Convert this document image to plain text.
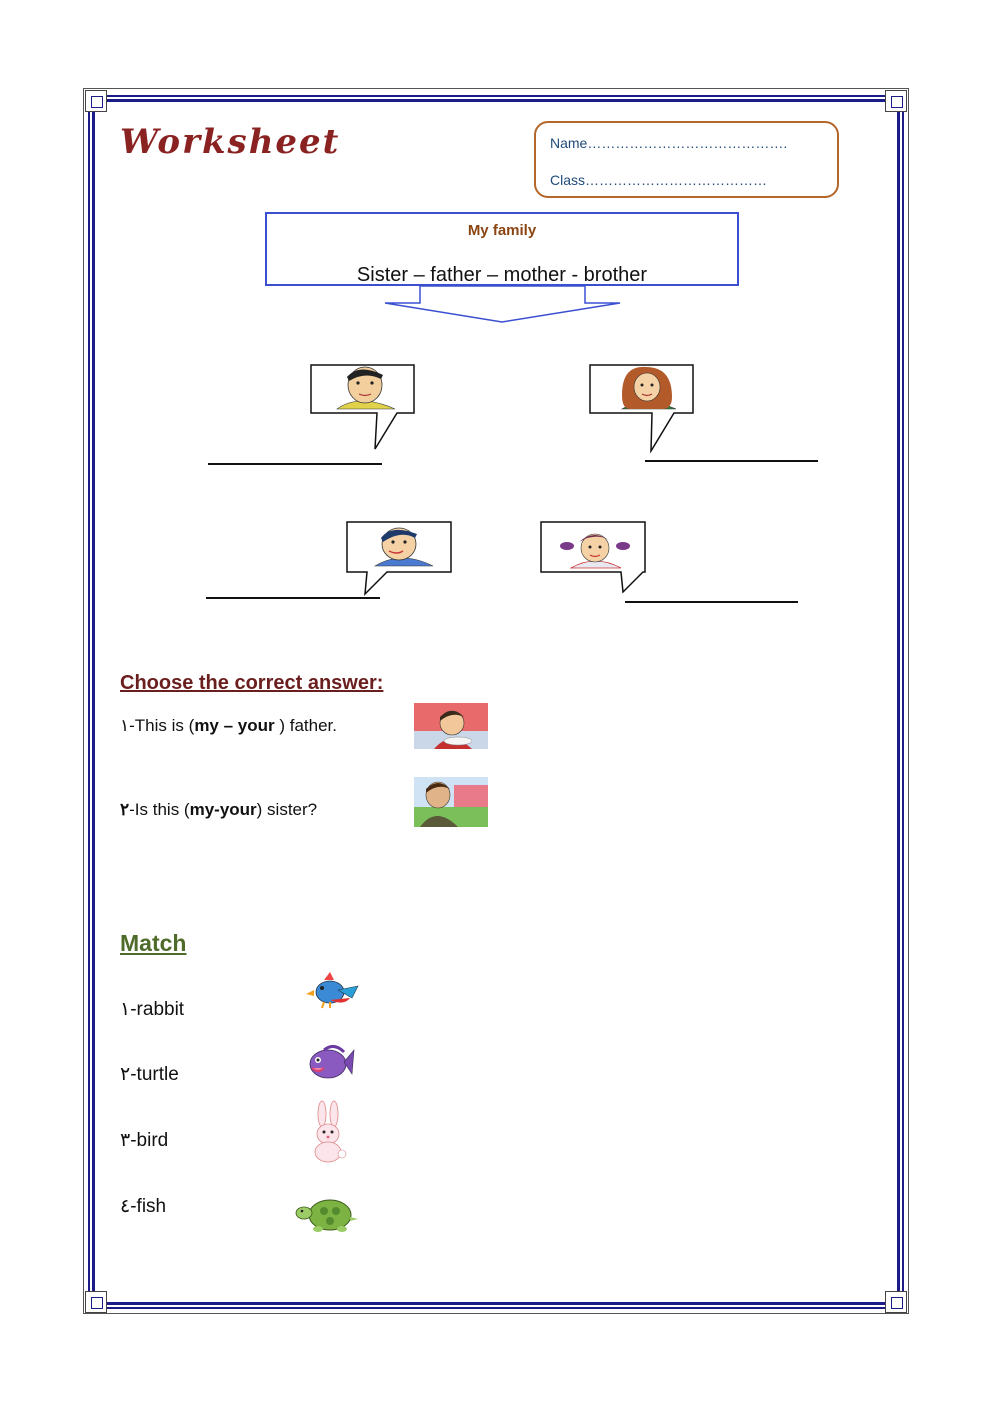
Worksheet	Name…………………………………….
Class…………………………………
My family
Sister – father – mother - brother
Choose the correct answer:
١-This is (my – your ) father.
٢-Is this (my-your) sister?
Match
١-rabbit
٢-turtle
٣-bird
٤-fish
